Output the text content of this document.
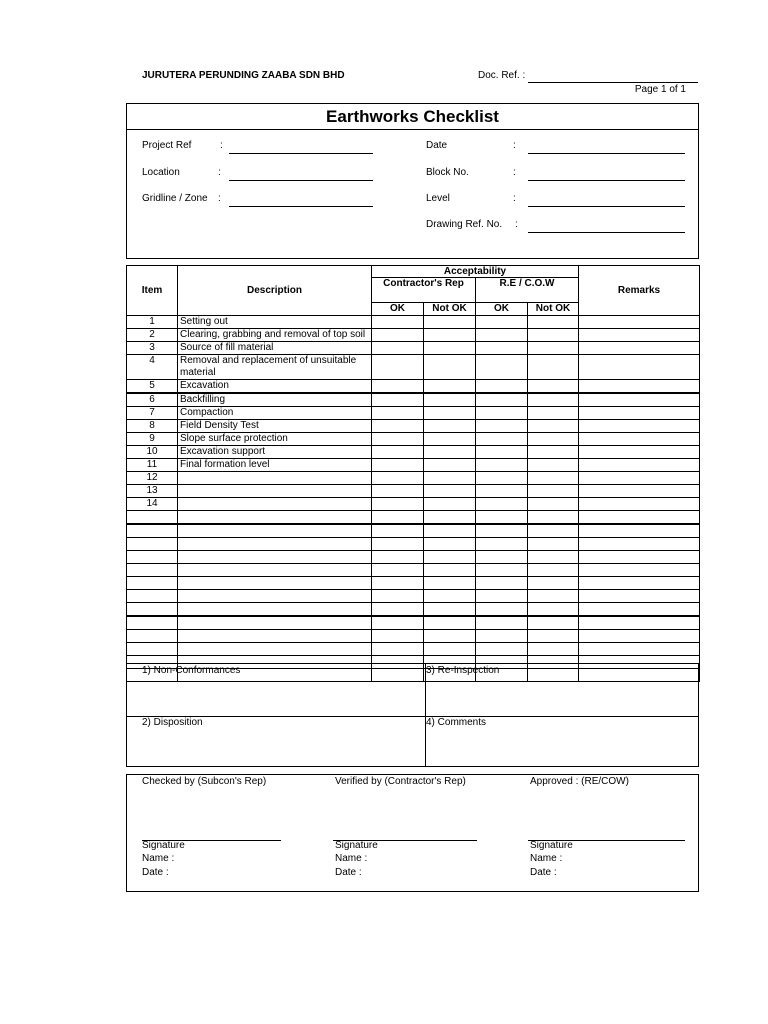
JURUTERA PERUNDING ZAABA SDN BHD	Doc. Ref. :
Page 1 of 1
Earthworks Checklist
Project Ref	:
Location	:
Gridline / Zone :
Date	:
Block No.	:
Level	:
Drawing Ref. No. :
Item	Description	Acceptability				Remarks
		Contractor's Rep		R.E / C.O.W		
		OK	Not OK	OK	Not OK	
1	Setting out					
2	Clearing, grabbing and removal of top soil					
3	Source of fill material					
4	Removal and replacement of unsuitable material					
5	Excavation					
6	Backfilling					
7	Compaction					
8	Field Density Test					
9	Slope surface protection					
10	Excavation support					
11	Final formation level					
12						
13						
14						

1) Non-Conformances	3) Re-Inspection
2) Disposition	4) Comments
Checked by (Subcon's Rep)
Signature
Name :
Date :
Verified by (Contractor's Rep)
Signature
Name :
Date :
Approved : (RE/COW)
Signature
Name :
Date :
